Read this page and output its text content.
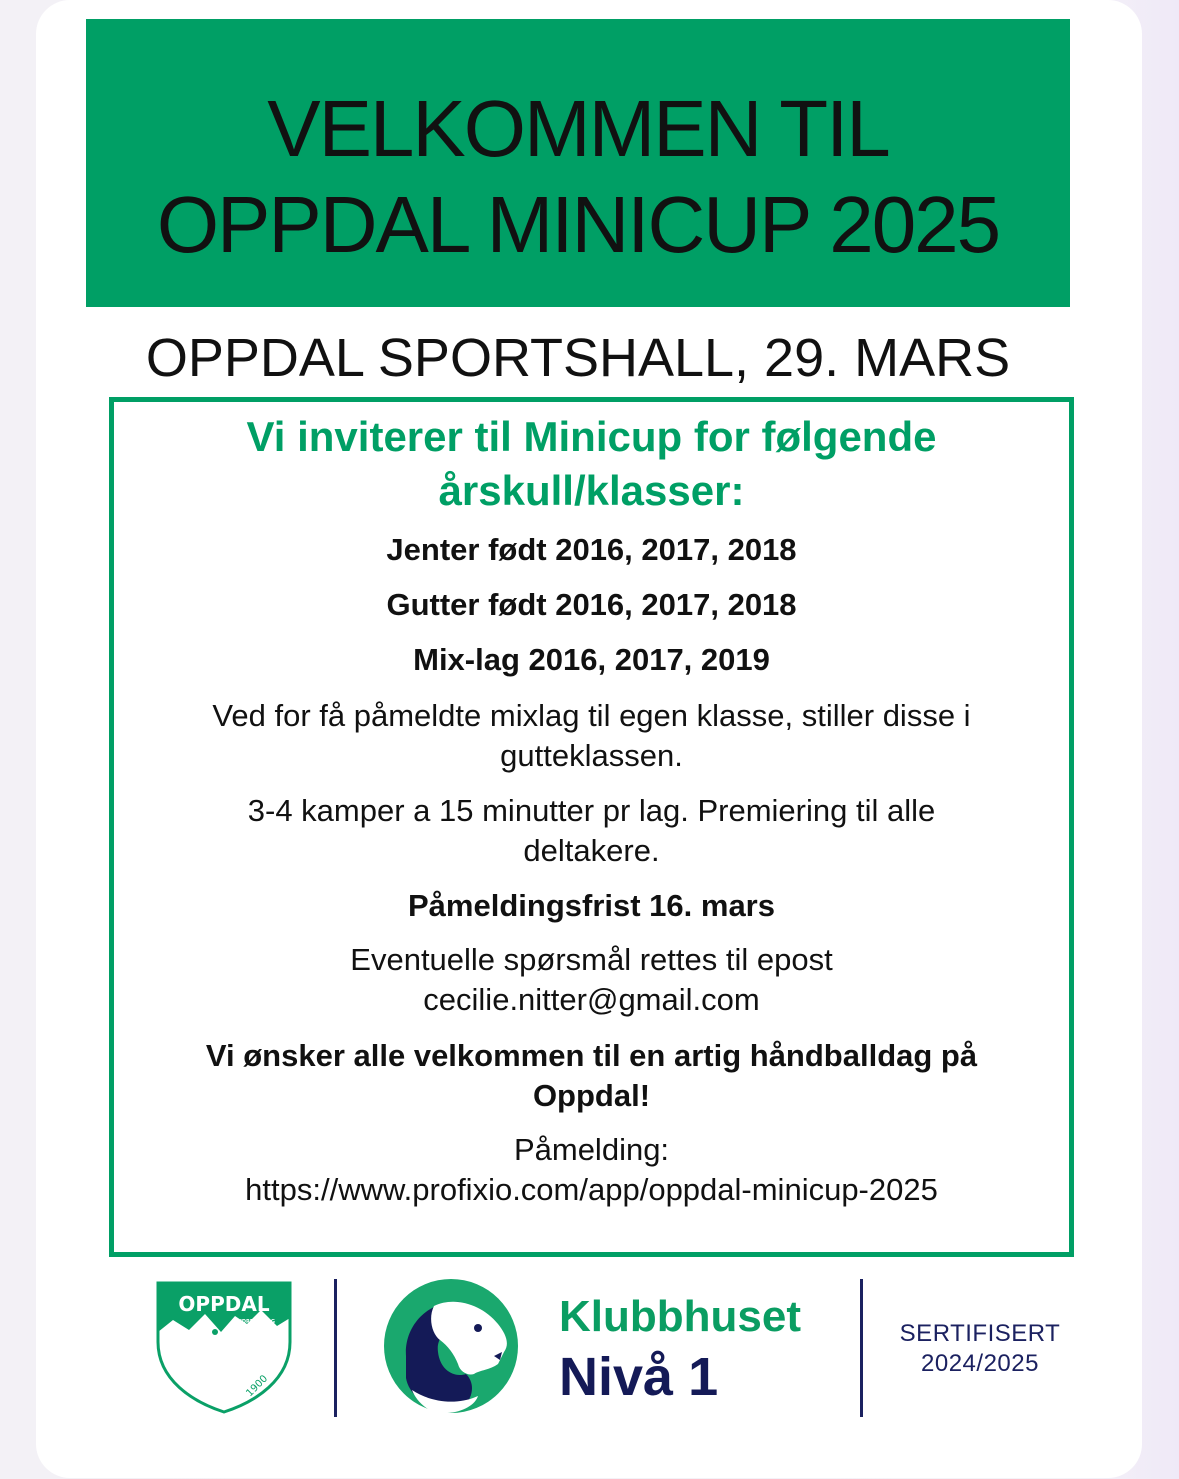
VELKOMMEN TIL
OPPDAL MINICUP 2025
OPPDAL SPORTSHALL, 29. MARS
Vi inviterer til Minicup for følgende
årskull/klasser:
Jenter født 2016, 2017, 2018
Gutter født 2016, 2017, 2018
Mix-lag 2016, 2017, 2019
Ved for få påmeldte mixlag til egen klasse, stiller disse i
gutteklassen.
3-4 kamper a 15 minutter pr lag. Premiering til alle
deltakere.
Påmeldingsfrist 16. mars
Eventuelle spørsmål rettes til epost
cecilie.nitter@gmail.com
Vi ønsker alle velkommen til en artig håndballdag på
Oppdal!
Påmelding:
https://www.profixio.com/app/oppdal-minicup-2025
OPPDAL
IDRETTSLAG
1900
Klubbhuset
Nivå 1
SERTIFISERT
2024/2025
